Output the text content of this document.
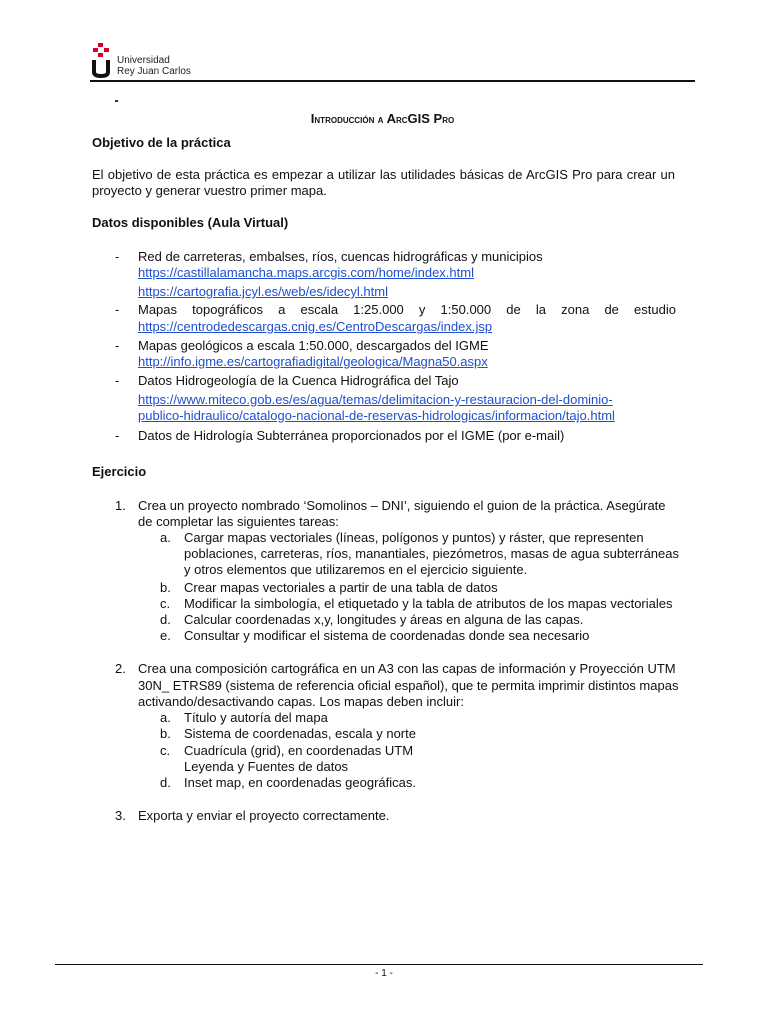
Universidad
Rey Juan Carlos
Introducción a ArcGIS Pro
Objetivo de la práctica
El objetivo de esta práctica es empezar a utilizar las utilidades básicas de ArcGIS Pro para crear un
proyecto y generar vuestro primer mapa.
Datos disponibles (Aula Virtual)
- Red de carreteras, embalses, ríos, cuencas hidrográficas y municipios
https://castillalamancha.maps.arcgis.com/home/index.html
https://cartografia.jcyl.es/web/es/idecyl.html
- Mapas topográficos a escala 1:25.000 y 1:50.000 de la zona de estudio
https://centrodedescargas.cnig.es/CentroDescargas/index.jsp
- Mapas geológicos a escala 1:50.000, descargados del IGME
http://info.igme.es/cartografiadigital/geologica/Magna50.aspx
- Datos Hidrogeología de la Cuenca Hidrográfica del Tajo
https://www.miteco.gob.es/es/agua/temas/delimitacion-y-restauracion-del-dominio-
publico-hidraulico/catalogo-nacional-de-reservas-hidrologicas/informacion/tajo.html
- Datos de Hidrología Subterránea proporcionados por el IGME (por e-mail)
Ejercicio
1. Crea un proyecto nombrado ‘Somolinos – DNI’, siguiendo el guion de la práctica. Asegúrate
de completar las siguientes tareas:
a. Cargar mapas vectoriales (líneas, polígonos y puntos) y ráster, que representen
poblaciones, carreteras, ríos, manantiales, piezómetros, masas de agua subterráneas
y otros elementos que utilizaremos en el ejercicio siguiente.
b. Crear mapas vectoriales a partir de una tabla de datos
c. Modificar la simbología, el etiquetado y la tabla de atributos de los mapas vectoriales
d. Calcular coordenadas x,y, longitudes y áreas en alguna de las capas.
e. Consultar y modificar el sistema de coordenadas donde sea necesario
2. Crea una composición cartográfica en un A3 con las capas de información y Proyección UTM
30N_ ETRS89 (sistema de referencia oficial español), que te permita imprimir distintos mapas
activando/desactivando capas. Los mapas deben incluir:
a. Título y autoría del mapa
b. Sistema de coordenadas, escala y norte
c. Cuadrícula (grid), en coordenadas UTM
Leyenda y Fuentes de datos
d. Inset map, en coordenadas geográficas.
3. Exporta y enviar el proyecto correctamente.
- 1 -
